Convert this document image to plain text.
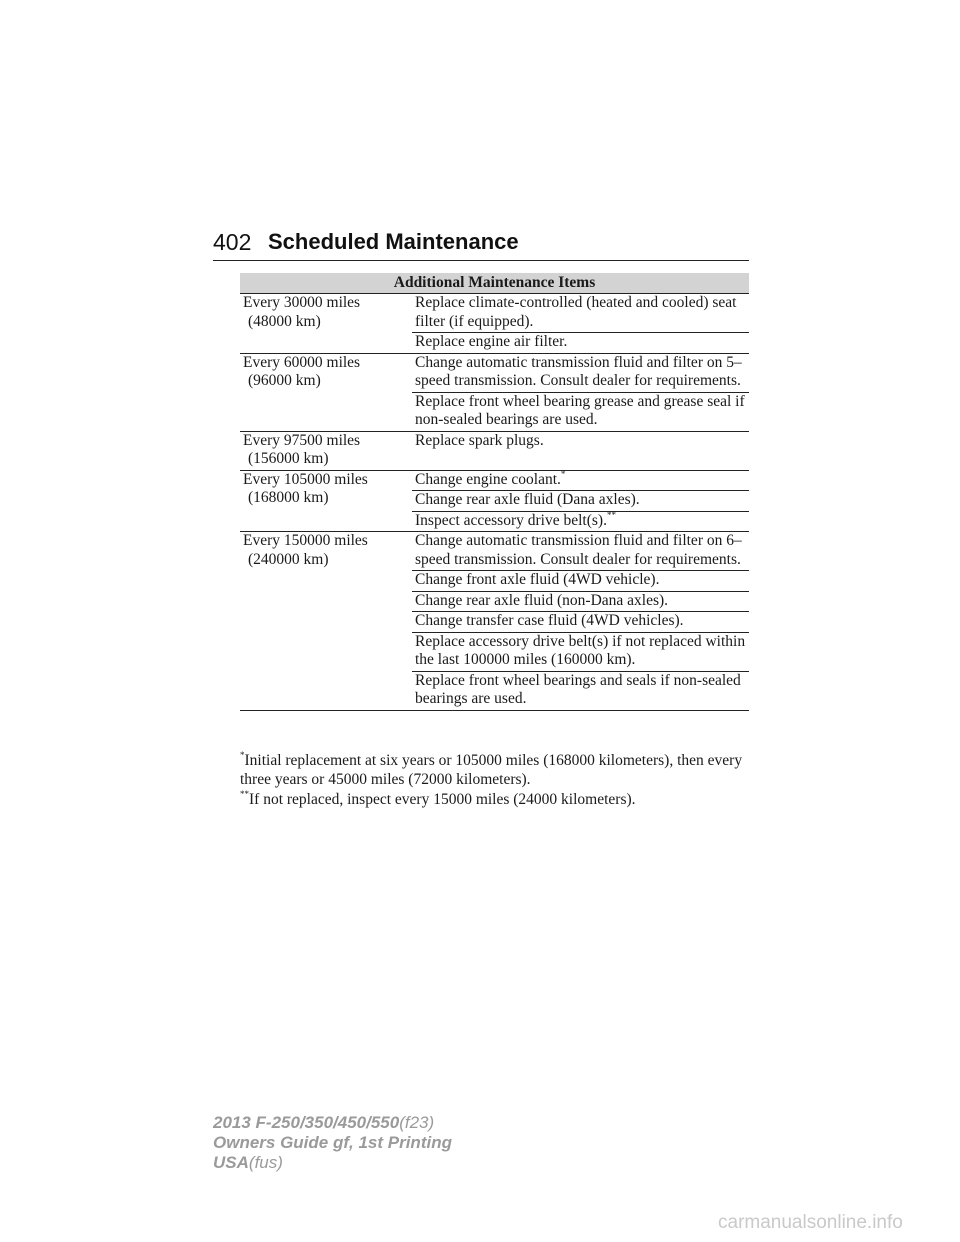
402 Scheduled Maintenance
Additional Maintenance Items	

Every 30000 miles
(48000 km)	Replace climate-controlled (heated and cooled) seat filter (if equipped).
	Replace engine air filter.

Every 60000 miles
(96000 km)	Change automatic transmission fluid and filter on 5–speed transmission. Consult dealer for requirements.
	Replace front wheel bearing grease and grease seal if non-sealed bearings are used.

Every 97500 miles
(156000 km)	Replace spark plugs.

Every 105000 miles
(168000 km)	Change engine coolant.*
	Change rear axle fluid (Dana axles).
	Inspect accessory drive belt(s).**

Every 150000 miles
(240000 km)	Change automatic transmission fluid and filter on 6–speed transmission. Consult dealer for requirements.
	Change front axle fluid (4WD vehicle).
	Change rear axle fluid (non-Dana axles).
	Change transfer case fluid (4WD vehicles).
	Replace accessory drive belt(s) if not replaced within the last 100000 miles (160000 km).
	Replace front wheel bearings and seals if non-sealed bearings are used.

*Initial replacement at six years or 105000 miles (168000 kilometers), then every three years or 45000 miles (72000 kilometers).

**If not replaced, inspect every 15000 miles (24000 kilometers).

2013 F-250/350/450/550(f23)
Owners Guide gf, 1st Printing
USA(fus)
carmanualsonline.info
